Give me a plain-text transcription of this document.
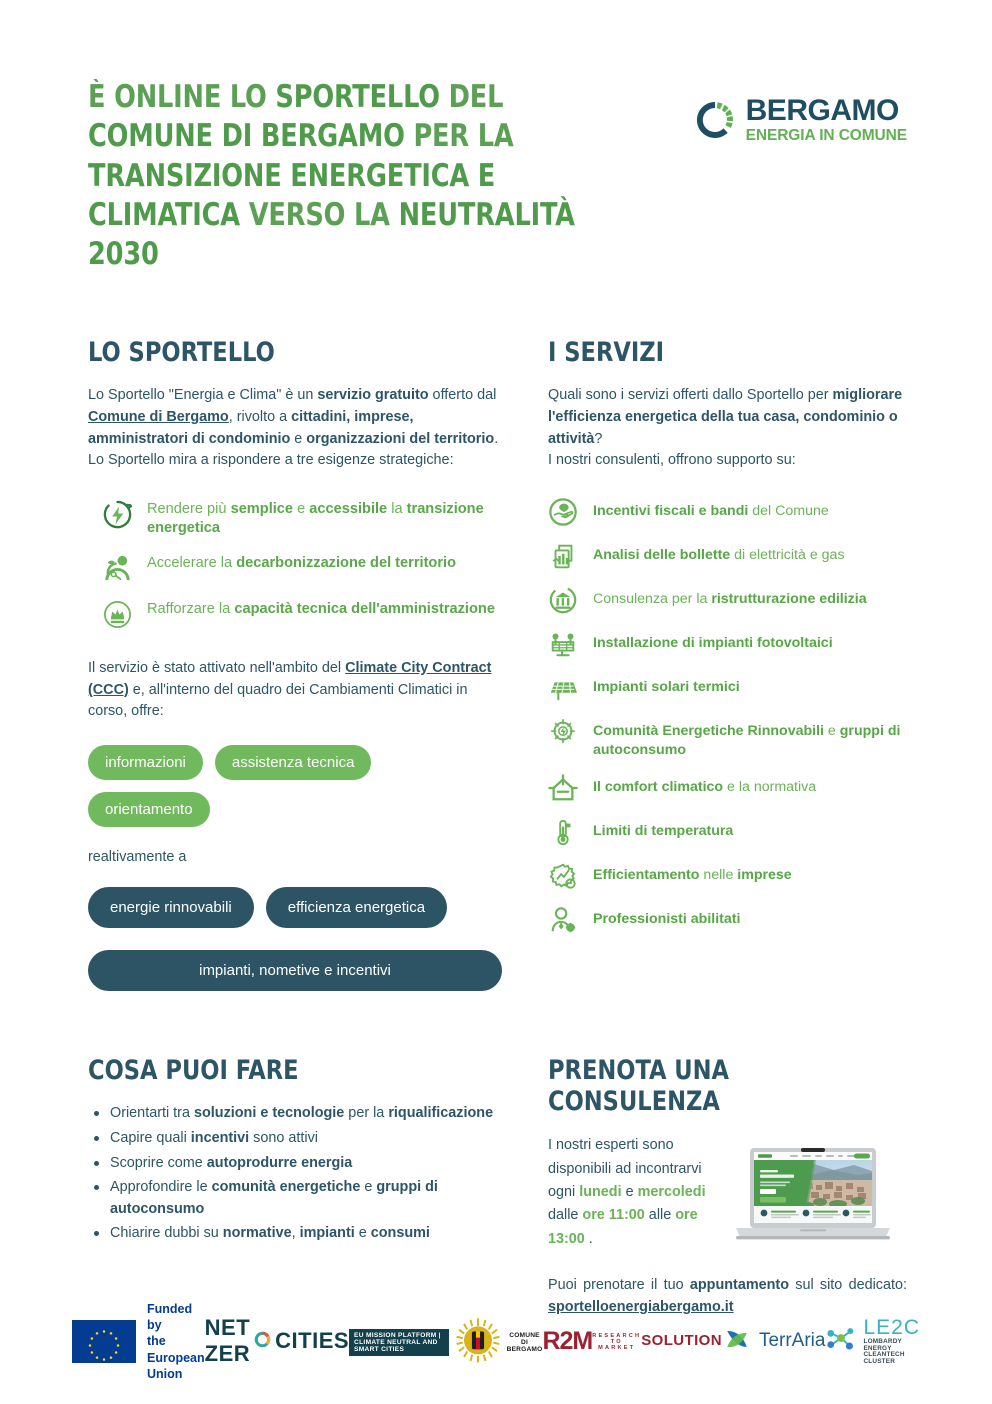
È ONLINE LO SPORTELLO DEL COMUNE DI BERGAMO PER LA TRANSIZIONE ENERGETICA E CLIMATICA VERSO LA NEUTRALITÀ 2030
BERGAMO
ENERGIA IN COMUNE
LO SPORTELLO

Lo Sportello "Energia e Clima" è un servizio gratuito offerto dal Comune di Bergamo, rivolto a cittadini, imprese, amministratori di condominio e organizzazioni del territorio. Lo Sportello mira a rispondere a tre esigenze strategiche:

Rendere più semplice e accessibile la transizione energetica
Accelerare la decarbonizzazione del territorio
Rafforzare la capacità tecnica dell'amministrazione

Il servizio è stato attivato nell'ambito del Climate City Contract (CCC) e, all'interno del quadro dei Cambiamenti Climatici in corso, offre:

informazioni	assistenza tecnica
orientamento
realtivamente a
energie rinnovabili	efficienza energetica
impianti, nometive e incentivi
I SERVIZI

Quali sono i servizi offerti dallo Sportello per migliorare l'efficienza energetica della tua casa, condominio o attività?
I nostri consulenti, offrono supporto su:

Incentivi fiscali e bandi del Comune
Analisi delle bollette di elettricità e gas
Consulenza per la ristrutturazione edilizia
Installazione di impianti fotovoltaici
Impianti solari termici
Comunità Energetiche Rinnovabili e gruppi di autoconsumo
Il comfort climatico e la normativa
Limiti di temperatura
Efficientamento nelle imprese
Professionisti abilitati
COSA PUOI FARE
Orientarti tra soluzioni e tecnologie per la riqualificazione
Capire quali incentivi sono attivi
Scoprire come autoprodurre energia
Approfondire le comunità energetiche e gruppi di autoconsumo
Chiarire dubbi su normative, impianti e consumi
PRENOTA UNA CONSULENZA
I nostri esperti sono disponibili ad incontrarvi ogni lunedi e mercoledi dalle ore 11:00 alle ore 13:00 .
Puoi prenotare il tuo appuntamento sul sito dedicato: sportelloenergiabergamo.it
Funded by
the European Union
NET ZER
CITIES EU MISSION PLATFORM | CLIMATE NEUTRAL AND SMART CITIES
COMUNE DI BERGAMO R2M RESEARCH TO MARKET SOLUTION TerrAria
LE2C
LOMBARDY ENERGY
CLEANTECH CLUSTER
